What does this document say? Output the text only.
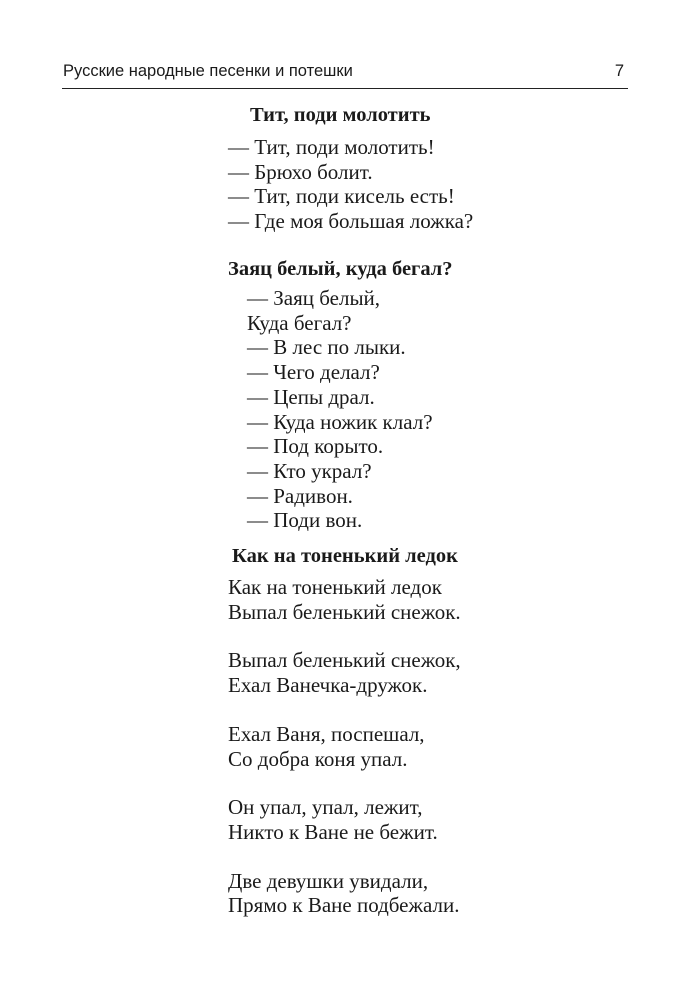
Русские народные песенки и потешки	7
Тит, поди молотить
— Тит, поди молотить!
— Брюхо болит.
— Тит, поди кисель есть!
— Где моя большая ложка?
Заяц белый, куда бегал?
— Заяц белый,
Куда бегал?
— В лес по лыки.
— Чего делал?
— Цепы драл.
— Куда ножик клал?
— Под корыто.
— Кто украл?
— Радивон.
— Поди вон.
Как на тоненький ледок
Как на тоненький ледок
Выпал беленький снежок.
Выпал беленький снежок,
Ехал Ванечка-дружок.
Ехал Ваня, поспешал,
Со добра коня упал.
Он упал, упал, лежит,
Никто к Ване не бежит.
Две девушки увидали,
Прямо к Ване подбежали.
